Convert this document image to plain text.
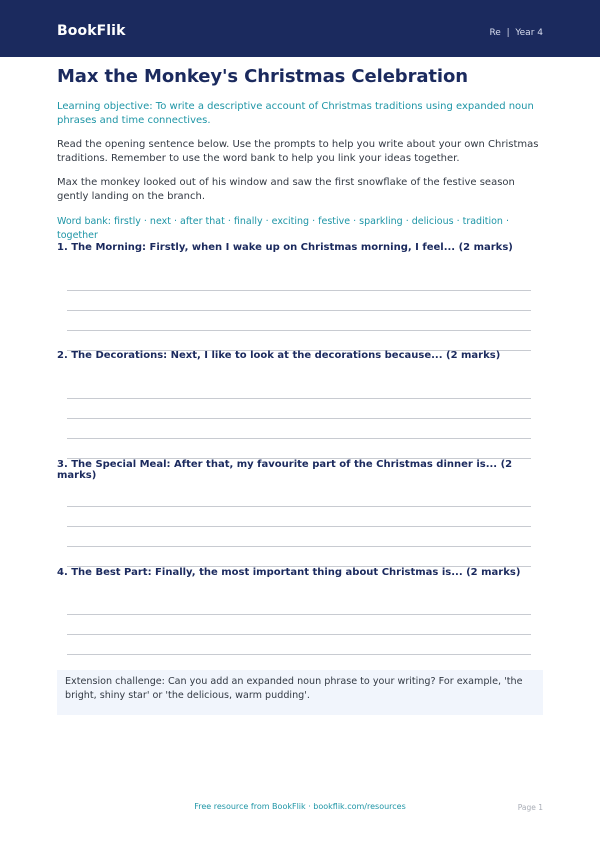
BookFlik	Re | Year 4
Max the Monkey's Christmas Celebration
Learning objective: To write a descriptive account of Christmas traditions using expanded noun phrases and time connectives.
Read the opening sentence below. Use the prompts to help you write about your own Christmas traditions. Remember to use the word bank to help you link your ideas together.
Max the monkey looked out of his window and saw the first snowflake of the festive season gently landing on the branch.
Word bank: firstly · next · after that · finally · exciting · festive · sparkling · delicious · tradition · together
1. The Morning: Firstly, when I wake up on Christmas morning, I feel... (2 marks)
2. The Decorations: Next, I like to look at the decorations because... (2 marks)
3. The Special Meal: After that, my favourite part of the Christmas dinner is... (2 marks)
4. The Best Part: Finally, the most important thing about Christmas is... (2 marks)
Extension challenge: Can you add an expanded noun phrase to your writing? For example, 'the bright, shiny star' or 'the delicious, warm pudding'.
Free resource from BookFlik · bookflik.com/resources	Page 1
